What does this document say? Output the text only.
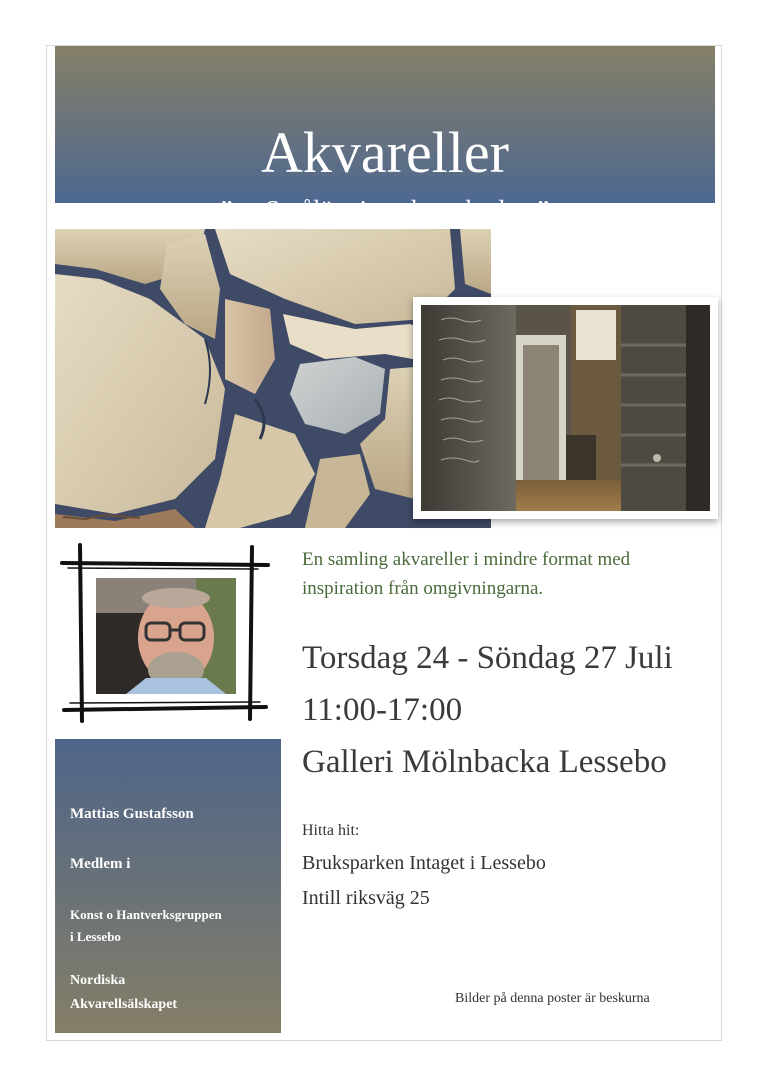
Akvareller
”en Smålännings betraktelser”
En samling akvareller i mindre format med
inspiration från omgivningarna.
Torsdag 24 - Söndag 27 Juli
11:00-17:00
Galleri Mölnbacka Lessebo
Hitta hit:
Bruksparken Intaget i Lessebo
Intill riksväg 25
Bilder på denna poster är beskurna
Mattias Gustafsson
Medlem i
Konst o Hantverksgruppen
i Lessebo
Nordiska
Akvarellsälskapet
